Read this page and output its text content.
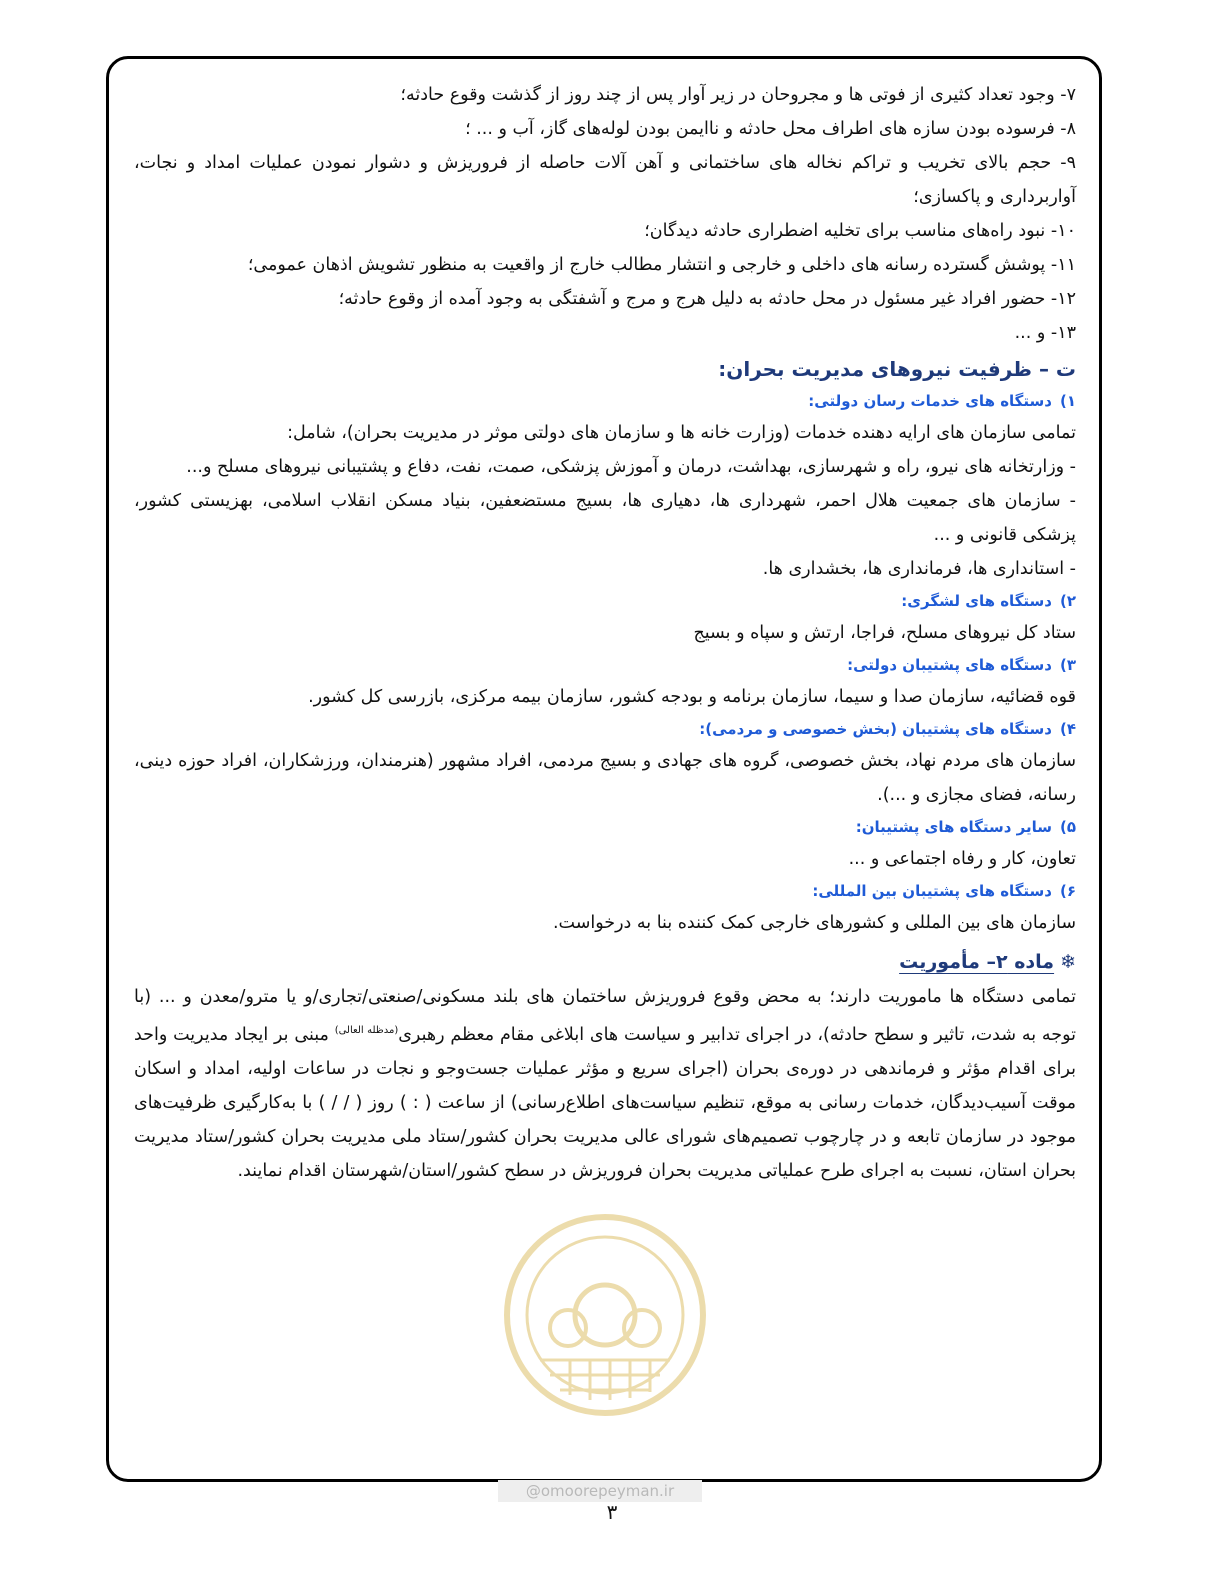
۷- وجود تعداد کثیری از فوتی ها و مجروحان در زیر آوار پس از چند روز از گذشت وقوع حادثه؛

۸- فرسوده بودن سازه های اطراف محل حادثه و ناایمن بودن لوله‌های گاز، آب و ... ؛

۹- حجم بالای تخریب و تراکم نخاله های ساختمانی و آهن آلات حاصله از فروریزش و دشوار نمودن عملیات امداد و نجات، آواربرداری و پاکسازی؛

۱۰- نبود راه‌های مناسب برای تخلیه اضطراری حادثه دیدگان؛

۱۱- پوشش گسترده رسانه های داخلی و خارجی و انتشار مطالب خارج از واقعیت به منظور تشویش اذهان عمومی؛

۱۲- حضور افراد غیر مسئول در محل حادثه به دلیل هرج و مرج و آشفتگی به وجود آمده از وقوع حادثه؛

۱۳- و ...

ت – ظرفیت نیروهای مدیریت بحران:

۱)دستگاه های خدمات رسان دولتی:

تمامی سازمان های ارایه دهنده خدمات (وزارت خانه ها و سازمان های دولتی موثر در مدیریت بحران)، شامل:

- وزارتخانه های نیرو، راه و شهرسازی، بهداشت، درمان و آموزش پزشکی، صمت، نفت، دفاع و پشتیبانی نیروهای مسلح و...

- سازمان های جمعیت هلال احمر، شهرداری ها، دهیاری ها، بسیج مستضعفین، بنیاد مسکن انقلاب اسلامی، بهزیستی کشور، پزشکی قانونی و ...

- استانداری ها، فرمانداری ها، بخشداری ها.

۲)دستگاه های لشگری:

ستاد کل نیروهای مسلح، فراجا، ارتش و سپاه و بسیج

۳)دستگاه های پشتیبان دولتی:

قوه قضائیه، سازمان صدا و سیما، سازمان برنامه و بودجه کشور، سازمان بیمه مرکزی، بازرسی کل کشور.

۴)دستگاه های پشتیبان (بخش خصوصی و مردمی):

سازمان های مردم نهاد، بخش خصوصی، گروه های جهادی و بسیج مردمی، افراد مشهور (هنرمندان، ورزشکاران، افراد حوزه دینی، رسانه، فضای مجازی و ...).

۵)سایر دستگاه های پشتیبان:

تعاون، کار و رفاه اجتماعی و ...

۶)دستگاه های پشتیبان بین المللی:

سازمان های بین المللی و کشورهای خارجی کمک کننده بنا به درخواست.

❄ماده ۲– مأموریت

تمامی دستگاه ها ماموریت دارند؛ به محض وقوع فروریزش ساختمان های بلند مسکونی/صنعتی/تجاری/و یا مترو/معدن و ... (با توجه به شدت، تاثیر و سطح حادثه)، در اجرای تدابیر و سیاست های ابلاغی مقام معظم رهبری$^{(مدظله العالی)}$ مبنی بر ایجاد مدیریت واحد برای اقدام مؤثر و فرماندهی در دوره‌ی بحران (اجرای سریع و مؤثر عملیات جست‌وجو و نجات در ساعات اولیه، امداد و اسکان موقت آسیب‌دیدگان، خدمات رسانی به موقع، تنظیم سیاست‌های اطلاع‌رسانی) از ساعت ( : ) روز ( / / ) با به‌کارگیری ظرفیت‌های موجود در سازمان تابعه و در چارچوب تصمیم‌های شورای عالی مدیریت بحران کشور/ستاد ملی مدیریت بحران کشور/ستاد مدیریت بحران استان، نسبت به اجرای طرح عملیاتی مدیریت بحران فروریزش در سطح کشور/استان/شهرستان اقدام نمایند.

@omoorepeyman.ir
۳
